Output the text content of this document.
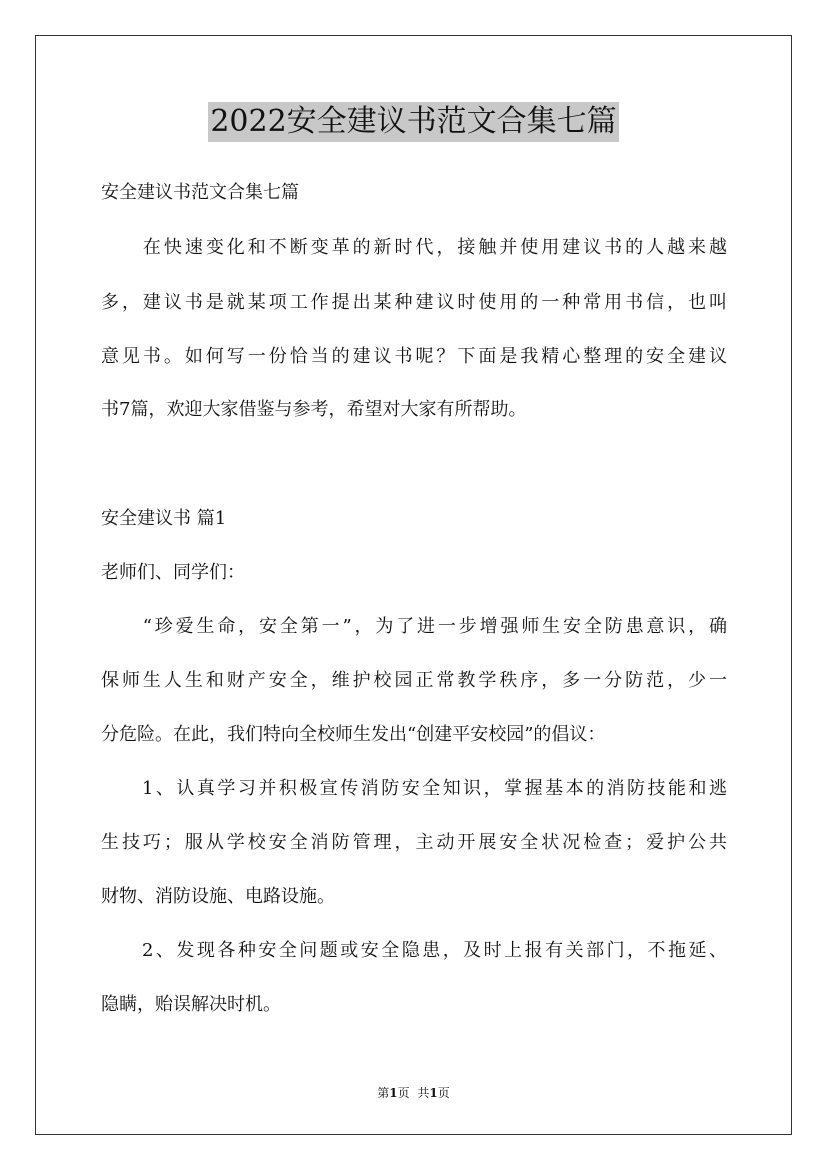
2022安全建议书范文合集七篇
安全建议书范文合集七篇
　　在快速变化和不断变革的新时代，接触并使用建议书的人越来越
多，建议书是就某项工作提出某种建议时使用的一种常用书信，也叫
意见书。如何写一份恰当的建议书呢？下面是我精心整理的安全建议
书7篇，欢迎大家借鉴与参考，希望对大家有所帮助。
安全建议书 篇1
老师们、同学们：
　　“珍爱生命，安全第一”，为了进一步增强师生安全防患意识，确
保师生人生和财产安全，维护校园正常教学秩序，多一分防范，少一
分危险。在此，我们特向全校师生发出“创建平安校园”的倡议：
　　1、认真学习并积极宣传消防安全知识，掌握基本的消防技能和逃
生技巧；服从学校安全消防管理，主动开展安全状况检查；爱护公共
财物、消防设施、电路设施。
　　2、发现各种安全问题或安全隐患，及时上报有关部门，不拖延、
隐瞒，贻误解决时机。
第1页 共1页
